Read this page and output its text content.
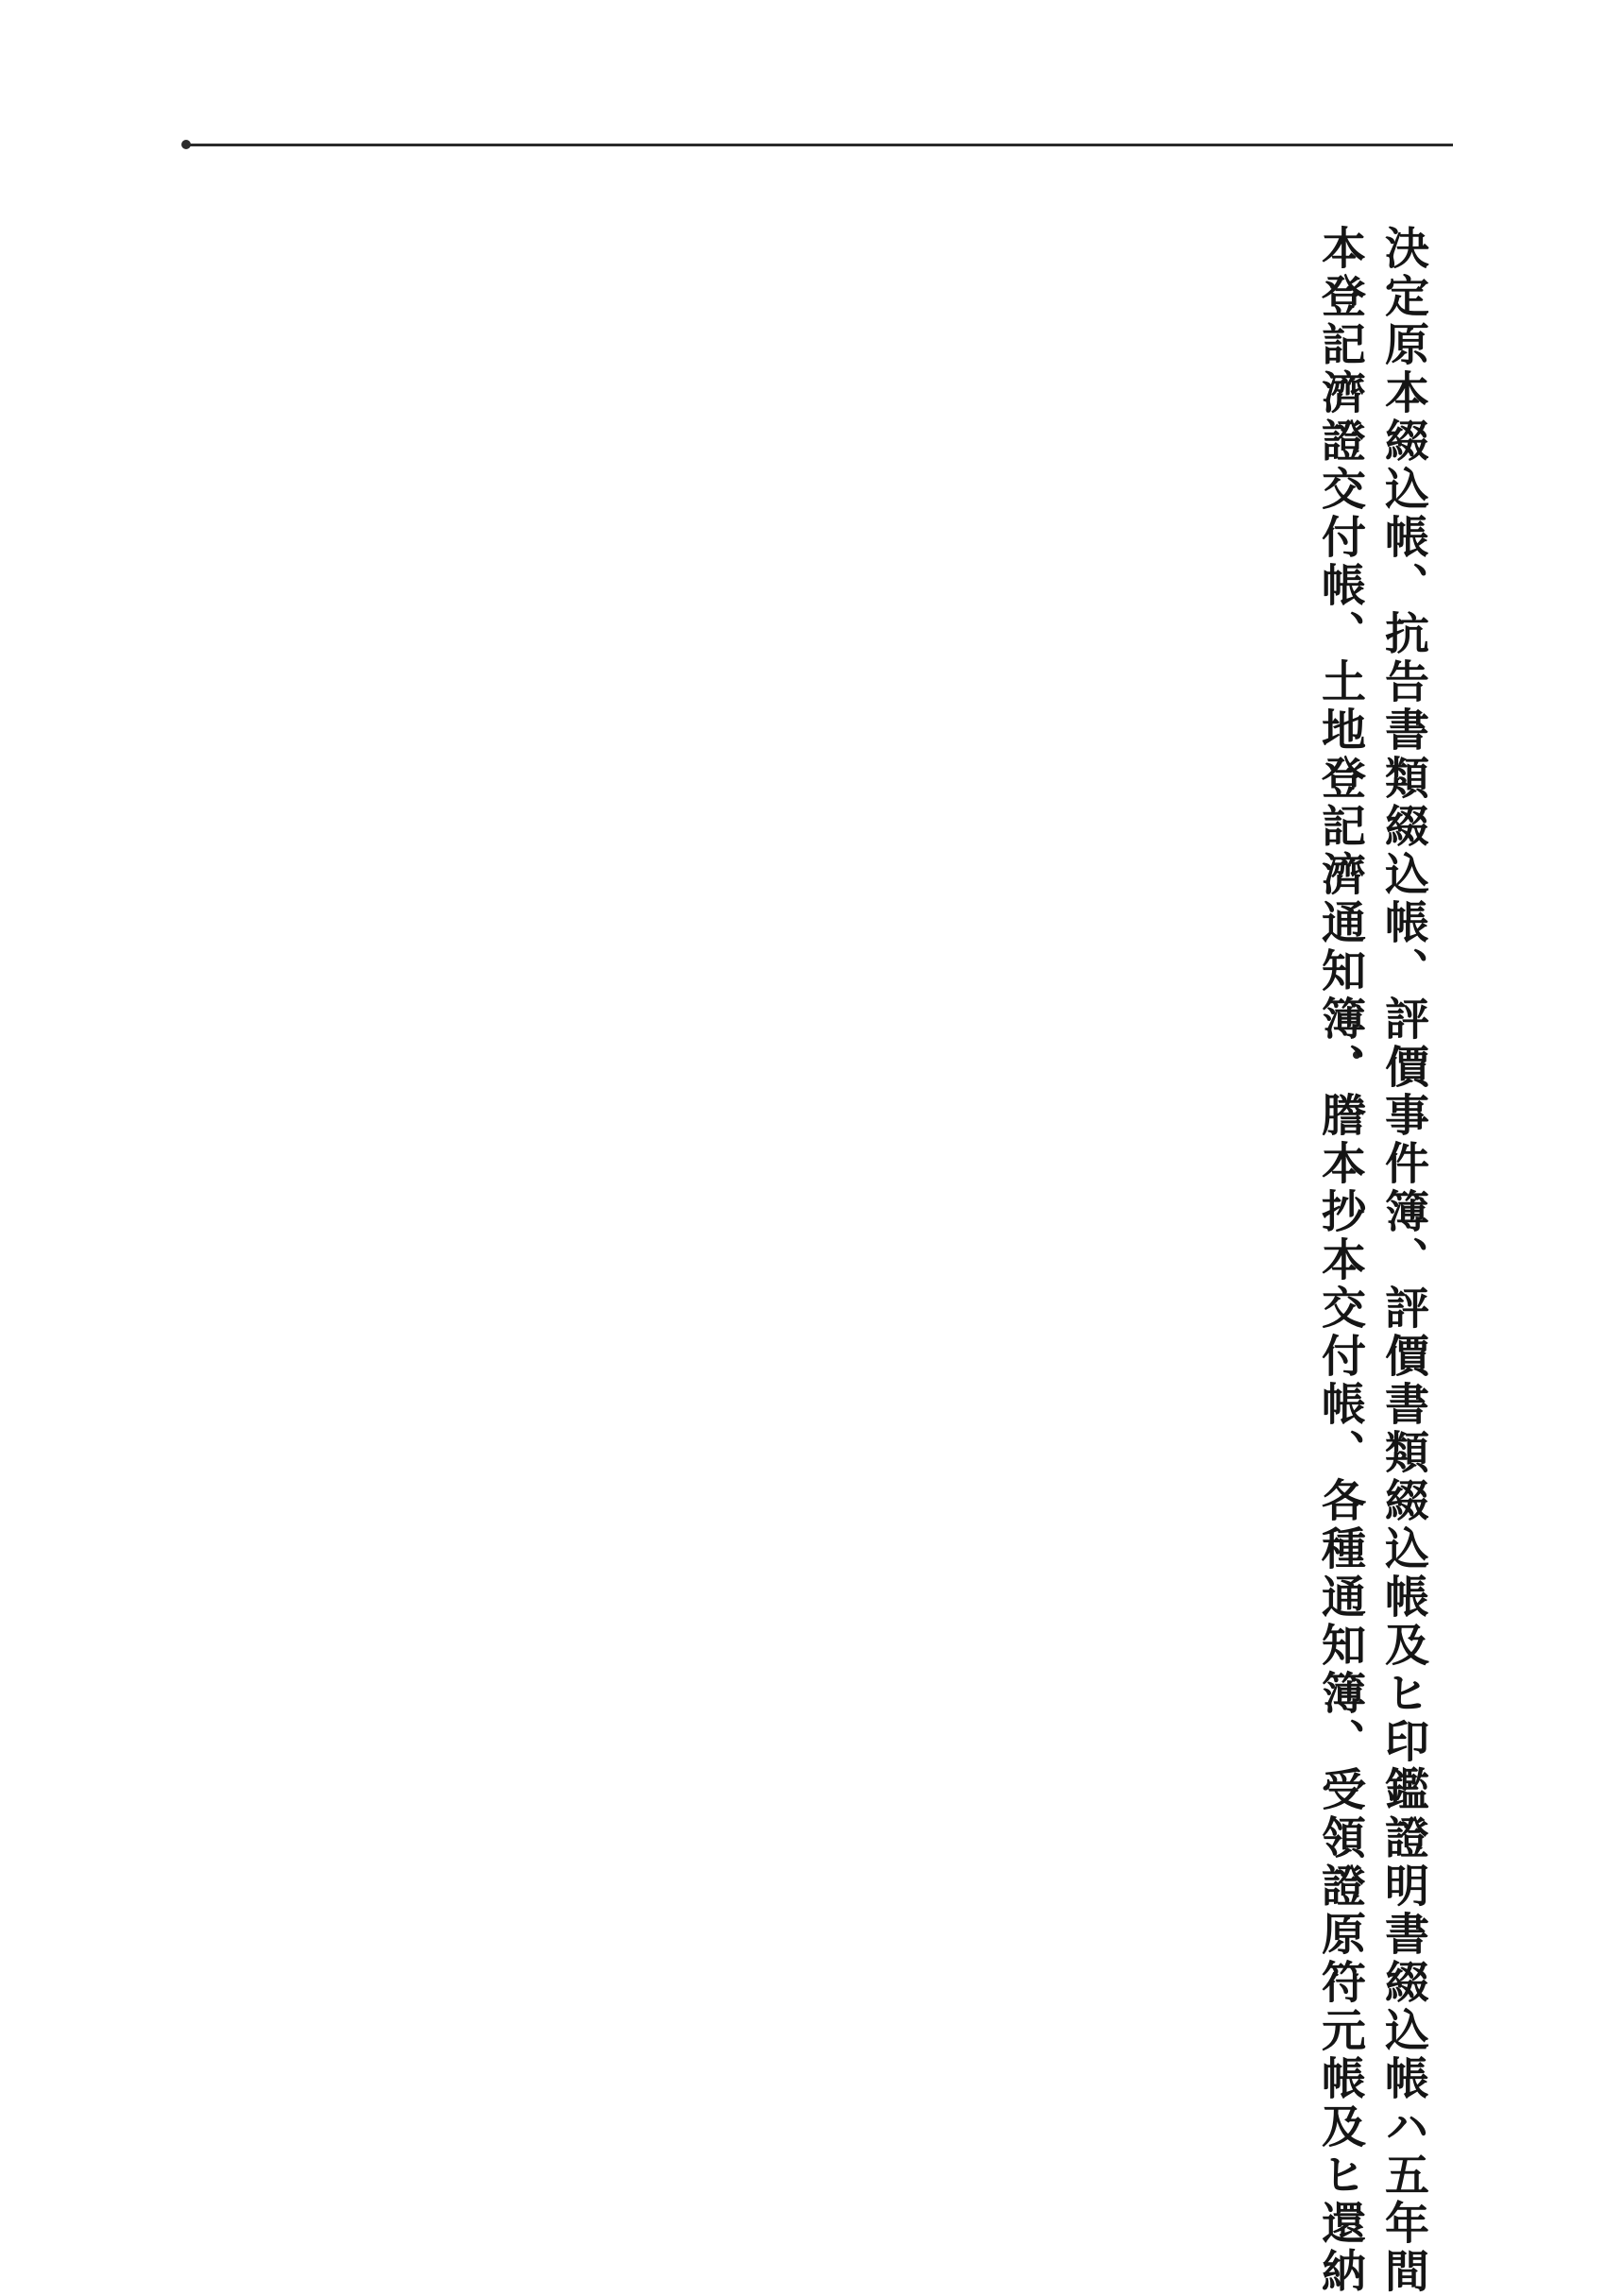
決定原本綴込帳、抗告書類綴込帳、評價事件簿、評價書類綴込帳及ヒ印鑑證明書綴込帳ハ五年間
本登記濟證交付帳、土地登記濟通知簿、謄本抄本交付帳、各種通知簿、受領證原符元帳及ヒ還納
